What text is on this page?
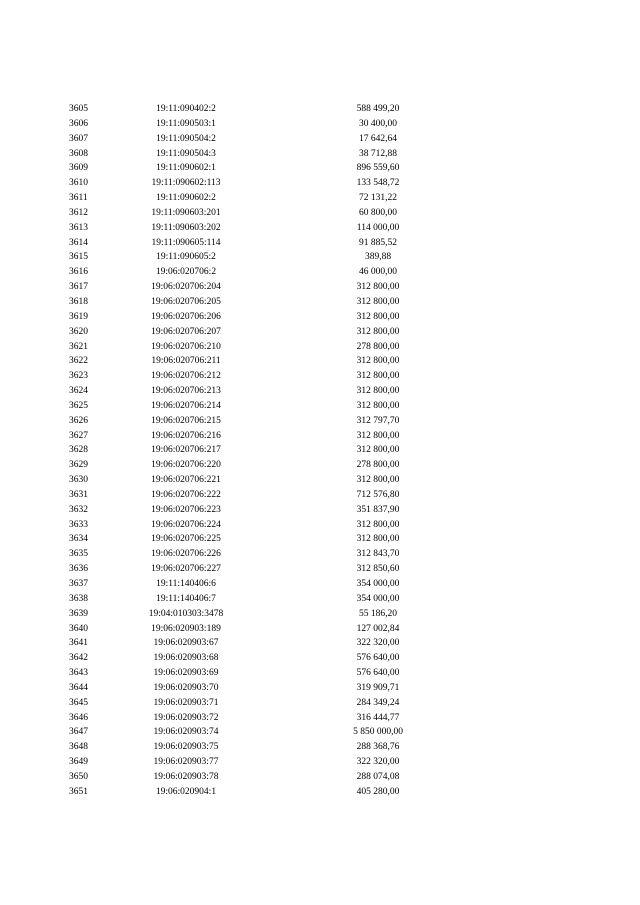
3605	19:11:090402:2	588 499,20
3606	19:11:090503:1	30 400,00
3607	19:11:090504:2	17 642,64
3608	19:11:090504:3	38 712,88
3609	19:11:090602:1	896 559,60
3610	19:11:090602:113	133 548,72
3611	19:11:090602:2	72 131,22
3612	19:11:090603:201	60 800,00
3613	19:11:090603:202	114 000,00
3614	19:11:090605:114	91 885,52
3615	19:11:090605:2	389,88
3616	19:06:020706:2	46 000,00
3617	19:06:020706:204	312 800,00
3618	19:06:020706:205	312 800,00
3619	19:06:020706:206	312 800,00
3620	19:06:020706:207	312 800,00
3621	19:06:020706:210	278 800,00
3622	19:06:020706:211	312 800,00
3623	19:06:020706:212	312 800,00
3624	19:06:020706:213	312 800,00
3625	19:06:020706:214	312 800,00
3626	19:06:020706:215	312 797,70
3627	19:06:020706:216	312 800,00
3628	19:06:020706:217	312 800,00
3629	19:06:020706:220	278 800,00
3630	19:06:020706:221	312 800,00
3631	19:06:020706:222	712 576,80
3632	19:06:020706:223	351 837,90
3633	19:06:020706:224	312 800,00
3634	19:06:020706:225	312 800,00
3635	19:06:020706:226	312 843,70
3636	19:06:020706:227	312 850,60
3637	19:11:140406:6	354 000,00
3638	19:11:140406:7	354 000,00
3639	19:04:010303:3478	55 186,20
3640	19:06:020903:189	127 002,84
3641	19:06:020903:67	322 320,00
3642	19:06:020903:68	576 640,00
3643	19:06:020903:69	576 640,00
3644	19:06:020903:70	319 909,71
3645	19:06:020903:71	284 349,24
3646	19:06:020903:72	316 444,77
3647	19:06:020903:74	5 850 000,00
3648	19:06:020903:75	288 368,76
3649	19:06:020903:77	322 320,00
3650	19:06:020903:78	288 074,08
3651	19:06:020904:1	405 280,00
